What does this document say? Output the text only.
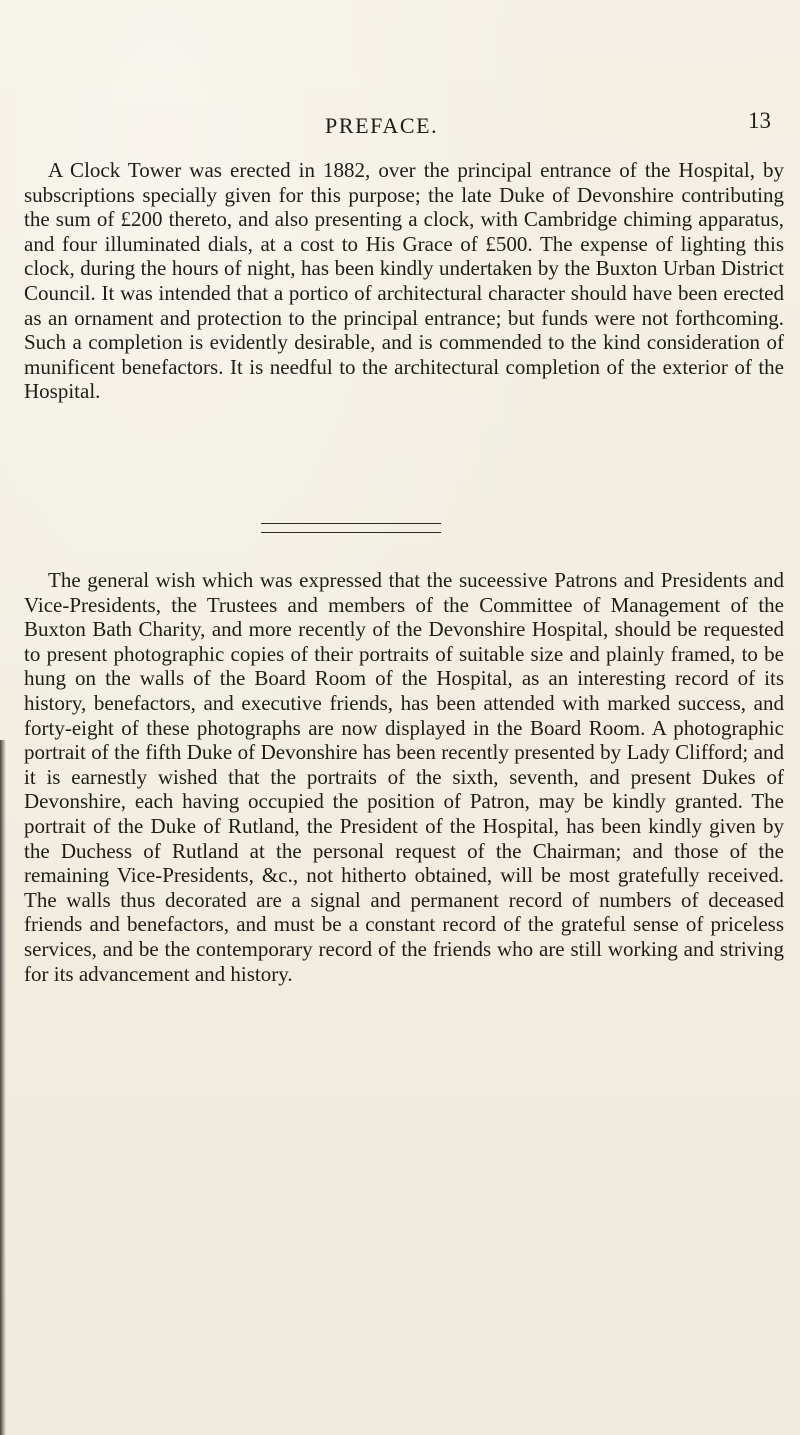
PREFACE.	13

A Clock Tower was erected in 1882, over the principal entrance of the Hospital, by subscriptions specially given for this purpose; the late Duke of Devonshire contributing the sum of £200 thereto, and also presenting a clock, with Cambridge chiming apparatus, and four illuminated dials, at a cost to His Grace of £500. The expense of lighting this clock, during the hours of night, has been kindly undertaken by the Buxton Urban District Council. It was intended that a portico of architectural character should have been erected as an ornament and protection to the principal entrance; but funds were not forthcoming. Such a completion is evidently desirable, and is commended to the kind consideration of munificent benefactors. It is needful to the architectural completion of the exterior of the Hospital.

The general wish which was expressed that the suceessive Patrons and Presidents and Vice-Presidents, the Trustees and members of the Committee of Management of the Buxton Bath Charity, and more recently of the Devonshire Hospital, should be requested to present photographic copies of their portraits of suitable size and plainly framed, to be hung on the walls of the Board Room of the Hospital, as an interesting record of its history, benefactors, and executive friends, has been attended with marked success, and forty-eight of these photographs are now displayed in the Board Room. A photographic portrait of the fifth Duke of Devonshire has been recently presented by Lady Clifford; and it is earnestly wished that the portraits of the sixth, seventh, and present Dukes of Devonshire, each having occupied the position of Patron, may be kindly granted. The portrait of the Duke of Rutland, the President of the Hospital, has been kindly given by the Duchess of Rutland at the personal request of the Chairman; and those of the remaining Vice-Presidents, &c., not hitherto obtained, will be most gratefully received. The walls thus decorated are a signal and permanent record of numbers of deceased friends and benefactors, and must be a constant record of the grateful sense of priceless services, and be the contemporary record of the friends who are still working and striving for its advancement and history.
